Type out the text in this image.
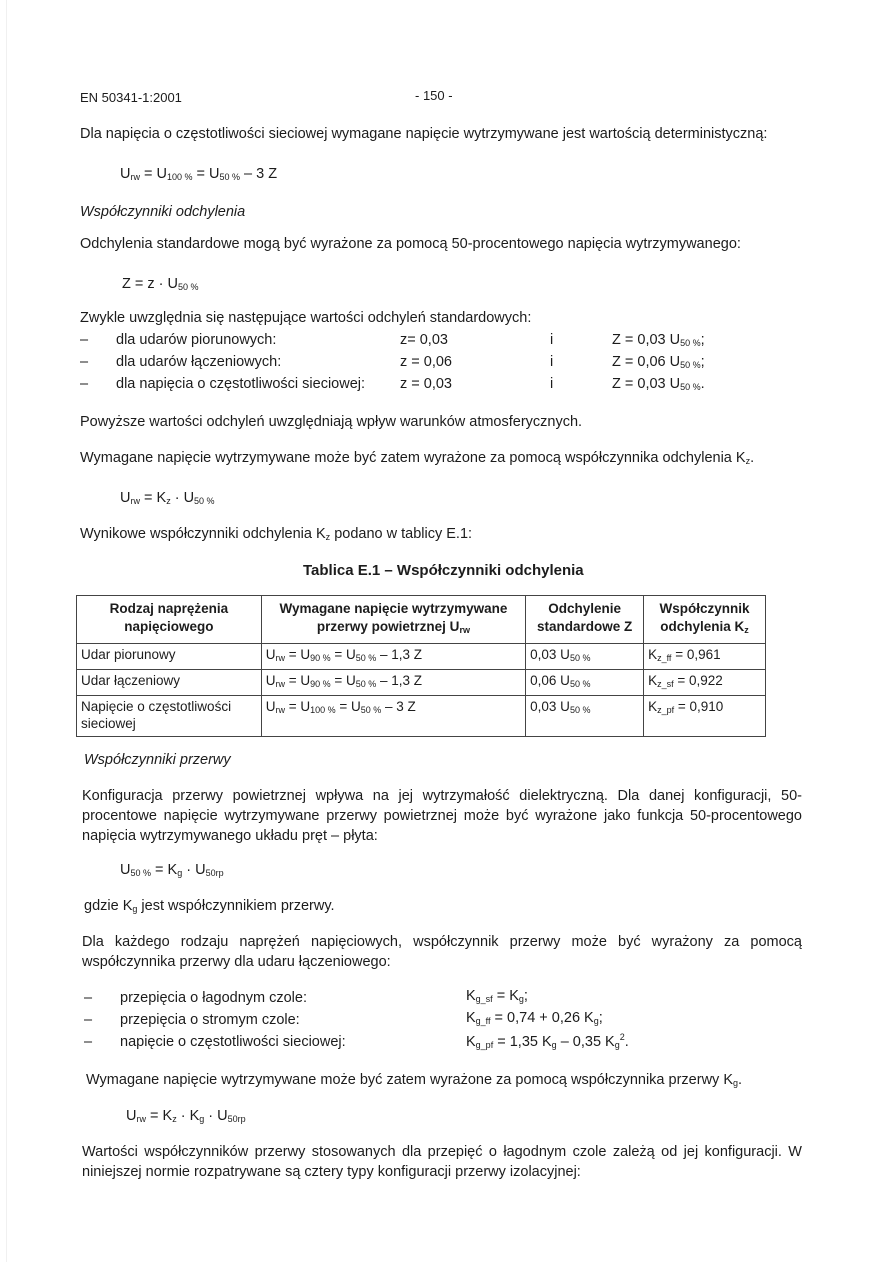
EN 50341-1:2001	- 150 -
Dla napięcia o częstotliwości sieciowej wymagane napięcie wytrzymywane jest wartością deterministyczną:
$U_{rw} = U_{100 \%} = U_{50 \%} - 3$ Z
Współczynniki odchylenia
Odchylenia standardowe mogą być wyrażone za pomocą 50-procentowego napięcia wytrzymywanego:
$Z = z \cdot U_{50 \%}$
Zwykle uwzględnia się następujące wartości odchyleń standardowych:
– dla udarów piorunowych:	z= 0,03	i	Z = 0,03 $U_{50 \%}$;
– dla udarów łączeniowych:	z = 0,06	i	Z = 0,06 $U_{50 \%}$;
– dla napięcia o częstotliwości sieciowej: z = 0,03	i	Z = 0,03 $U_{50 \%}$.
Powyższe wartości odchyleń uwzględniają wpływ warunków atmosferycznych.
Wymagane napięcie wytrzymywane może być zatem wyrażone za pomocą współczynnika odchylenia $K_z$.
$U_{rw} = K_z \cdot U_{50 \%}$
Wynikowe współczynniki odchylenia $K_z$ podano w tablicy E.1:
Tablica E.1 – Współczynniki odchylenia
Rodzaj naprężenia napięciowego	Wymagane napięcie wytrzymywane przerwy powietrznej $U_{rw}$	Odchylenie standardowe Z	Współczynnik odchylenia $K_z$
Udar piorunowy	$U_{rw} = U_{90 \%} = U_{50 \%} - 1,3$ Z	0,03 $U_{50 \%}$	$K_{z\_ff} = 0,961$
Udar łączeniowy	$U_{rw} = U_{90 \%} = U_{50 \%} - 1,3$ Z	0,06 $U_{50 \%}$	$K_{z\_sf} = 0,922$
Napięcie o częstotliwości sieciowej	$U_{rw} = U_{100 \%} = U_{50 \%} - 3$ Z	0,03 $U_{50 \%}$	$K_{z\_pf} = 0,910$
Współczynniki przerwy
Konfiguracja przerwy powietrznej wpływa na jej wytrzymałość dielektryczną. Dla danej konfiguracji, 50-procentowe napięcie wytrzymywane przerwy powietrznej może być wyrażone jako funkcja 50-procentowego napięcia wytrzymywanego układu pręt – płyta:
$U_{50 \%} = K_g \cdot U_{50rp}$
gdzie $K_g$ jest współczynnikiem przerwy.
Dla każdego rodzaju naprężeń napięciowych, współczynnik przerwy może być wyrażony za pomocą współczynnika przerwy dla udaru łączeniowego:
– przepięcia o łagodnym czole:	$K_{g\_sf} = K_g$;
– przepięcia o stromym czole:	$K_{g\_ff} = 0,74 + 0,26$ $K_g$;
– napięcie o częstotliwości sieciowej:	$K_{g\_pf} = 1,35$ $K_g - 0,35$ $K_g^2$.
Wymagane napięcie wytrzymywane może być zatem wyrażone za pomocą współczynnika przerwy $K_g$.
$U_{rw} = K_z \cdot K_g \cdot U_{50rp}$
Wartości współczynników przerwy stosowanych dla przepięć o łagodnym czole zależą od jej konfiguracji. W niniejszej normie rozpatrywane są cztery typy konfiguracji przerwy izolacyjnej:
